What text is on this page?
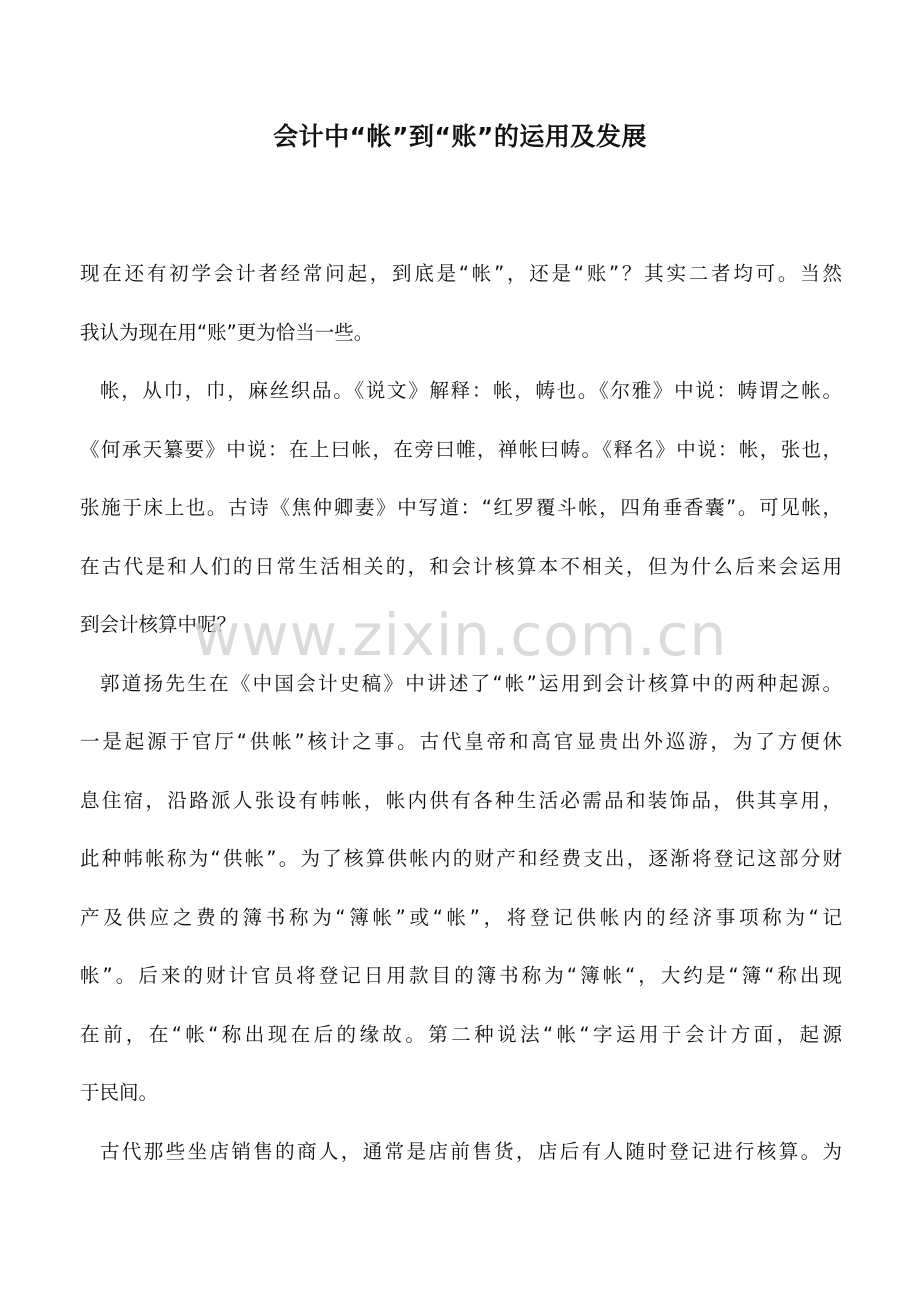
会计中“帐”到“账”的运用及发展
现在还有初学会计者经常问起，到底是“帐”，还是“账”？其实二者均可。当然
我认为现在用“账”更为恰当一些。
帐，从巾，巾，麻丝织品。《说文》解释：帐，帱也。《尔雅》中说：帱谓之帐。
《何承天纂要》中说：在上曰帐，在旁曰帷，禅帐曰帱。《释名》中说：帐，张也，
张施于床上也。古诗《焦仲卿妻》中写道：“红罗覆斗帐，四角垂香囊”。可见帐，
在古代是和人们的日常生活相关的，和会计核算本不相关，但为什么后来会运用
到会计核算中呢？
郭道扬先生在《中国会计史稿》中讲述了“帐”运用到会计核算中的两种起源。
一是起源于官厅“供帐”核计之事。古代皇帝和高官显贵出外巡游，为了方便休
息住宿，沿路派人张设有帏帐，帐内供有各种生活必需品和装饰品，供其享用，
此种帏帐称为“供帐”。为了核算供帐内的财产和经费支出，逐渐将登记这部分财
产及供应之费的簿书称为“簿帐”或“帐”，将登记供帐内的经济事项称为“记
帐”。后来的财计官员将登记日用款目的簿书称为“簿帐“，大约是“簿“称出现
在前，在“帐“称出现在后的缘故。第二种说法“帐“字运用于会计方面，起源
于民间。
古代那些坐店销售的商人，通常是店前售货，店后有人随时登记进行核算。为
www.zixin.com.cn
